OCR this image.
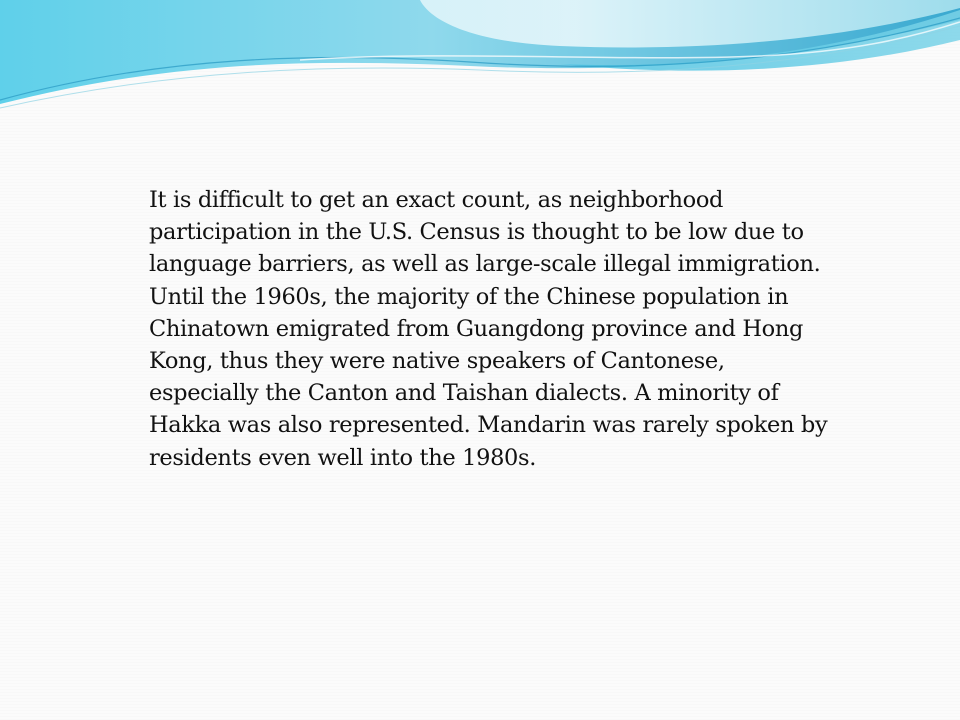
It is difficult to get an exact count, as neighborhood
participation in the U.S. Census is thought to be low due to
language barriers, as well as large-scale illegal immigration.
Until the 1960s, the majority of the Chinese population in
Chinatown emigrated from Guangdong province and Hong
Kong, thus they were native speakers of Cantonese,
especially the Canton and Taishan dialects. A minority of
Hakka was also represented. Mandarin was rarely spoken by
residents even well into the 1980s.
